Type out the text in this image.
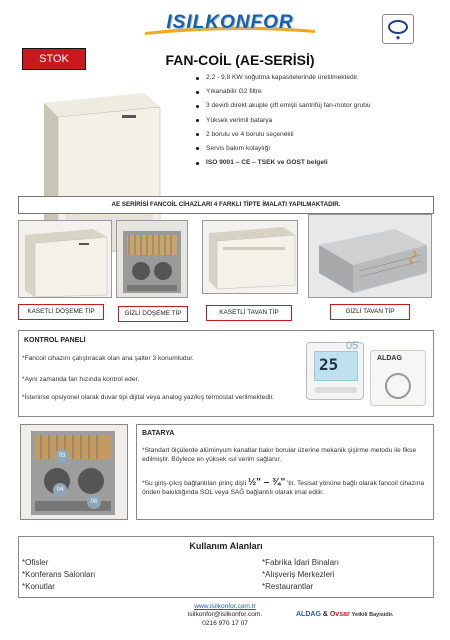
ISILKONFOR
◆
STOK	FAN-COİL (AE-SERİSİ)
2,2 - 9,8 KW soğutma kapasitelerinde üretilmektedir.
Yıkanabilir G2 filtre
3 devirli direkt akuple çift emişli santrifüj fan-motor grubu
Yüksek verimli batarya
2 borulu ve 4 borulu seçenekli
Servis bakım kolaylığı
ISO 9001 – CE – TSEK ve GOST belgeli
AE SERİRİSİ FANCOİL CİHAZLARI 4 FARKLI TİPTE İMALATI YAPILMAKTADIR.
KASETLİ DÖŞEME TİP	GİZLİ DÖŞEME TİP	KASETLİ TAVAN TİP	GİZLİ TAVAN TİP
KONTROL PANELİ
*Fancoil cihazını çalıştıracak olan ana şalter 3 konumludur.
*Aynı zamanda fan hızında kontrol eder.
*İstenirse opsiyonel olarak duvar tipi dijital veya analog yaz/kış termostat verilmektedir.
25
05
ALDAG
03
04
06
BATARYA
*Standart ölçülerde alüminyum kanatlar bakır borular üzerine mekanik şişirme metodu ile fikse edilmiştir. Böylece en yüksek ısıl verim sağlanır.
*Su giriş-çıkış bağlantıları prinç dişli ½" – ¾" 'tir. Tesisat yönüne bağlı olarak fancoil cihazına önden bakıldığında SOL veya SAĞ bağlantılı olarak imal edilir.
Kullanım Alanları
*Ofisler
*Konferans Salonları
*Konutlar
*Fabrika İdari Binaları
*Alışveriş Merkezleri
*Restaurantlar
www.isilkonfor.com.tr
isilkonfor@isilkonfor.com.
0216 970 17 07
ALDAG & Ovsar Yetkili Bayisidir.
